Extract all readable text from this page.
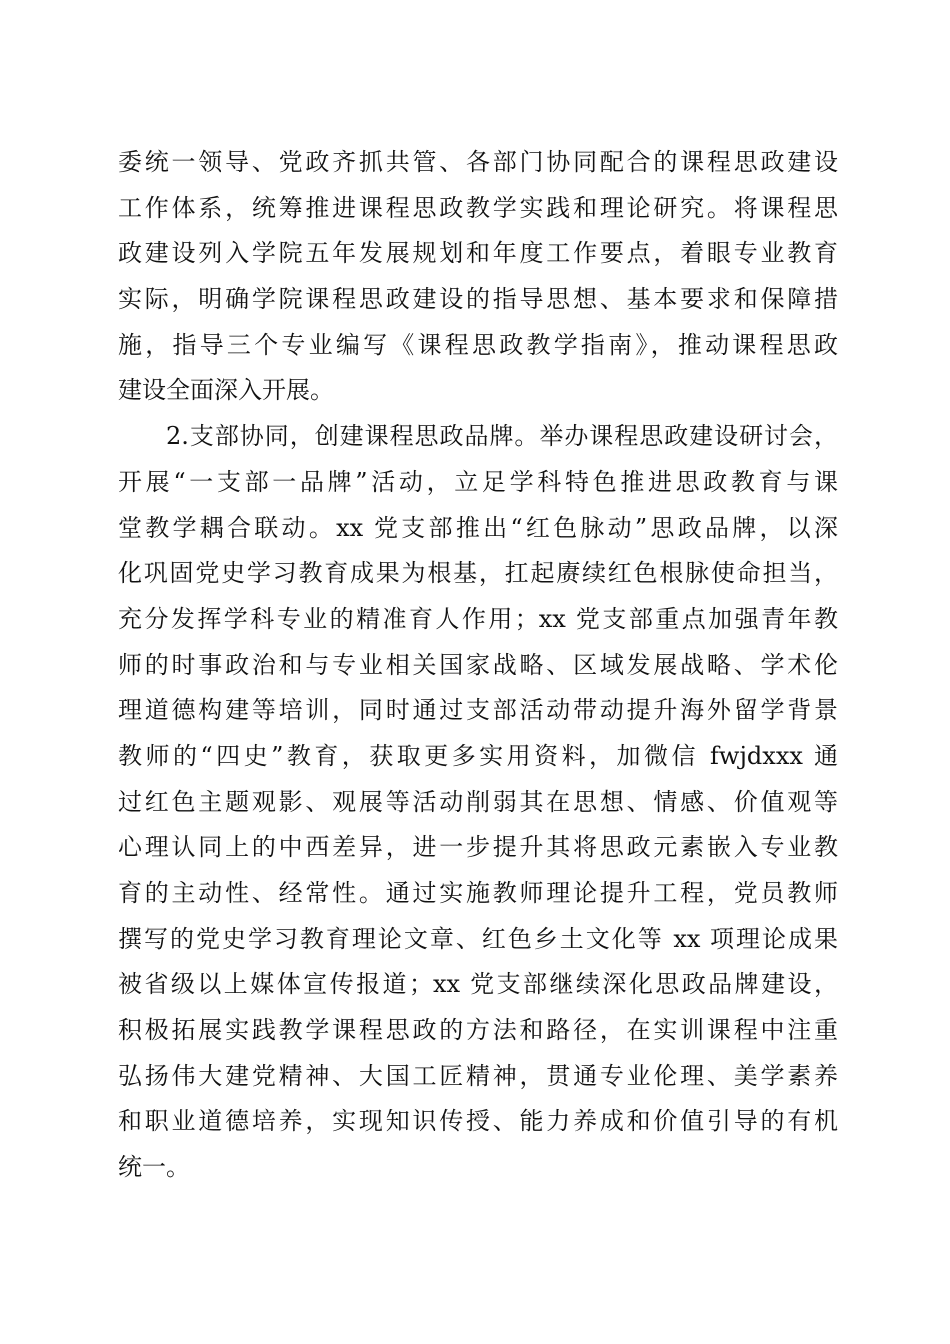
委统一领导、党政齐抓共管、各部门协同配合的课程思政建设
工作体系，统筹推进课程思政教学实践和理论研究。将课程思
政建设列入学院五年发展规划和年度工作要点，着眼专业教育
实际，明确学院课程思政建设的指导思想、基本要求和保障措
施，指导三个专业编写《课程思政教学指南》，推动课程思政
建设全面深入开展。
2.支部协同，创建课程思政品牌。举办课程思政建设研讨会，
开展“一支部一品牌”活动，立足学科特色推进思政教育与课
堂教学耦合联动。xx 党支部推出“红色脉动”思政品牌，以深
化巩固党史学习教育成果为根基，扛起赓续红色根脉使命担当，
充分发挥学科专业的精准育人作用；xx 党支部重点加强青年教
师的时事政治和与专业相关国家战略、区域发展战略、学术伦
理道德构建等培训，同时通过支部活动带动提升海外留学背景
教师的“四史”教育，获取更多实用资料，加微信 fwjdxxx 通
过红色主题观影、观展等活动削弱其在思想、情感、价值观等
心理认同上的中西差异，进一步提升其将思政元素嵌入专业教
育的主动性、经常性。通过实施教师理论提升工程，党员教师
撰写的党史学习教育理论文章、红色乡土文化等 xx 项理论成果
被省级以上媒体宣传报道；xx 党支部继续深化思政品牌建设，
积极拓展实践教学课程思政的方法和路径，在实训课程中注重
弘扬伟大建党精神、大国工匠精神，贯通专业伦理、美学素养
和职业道德培养，实现知识传授、能力养成和价值引导的有机
统一。
